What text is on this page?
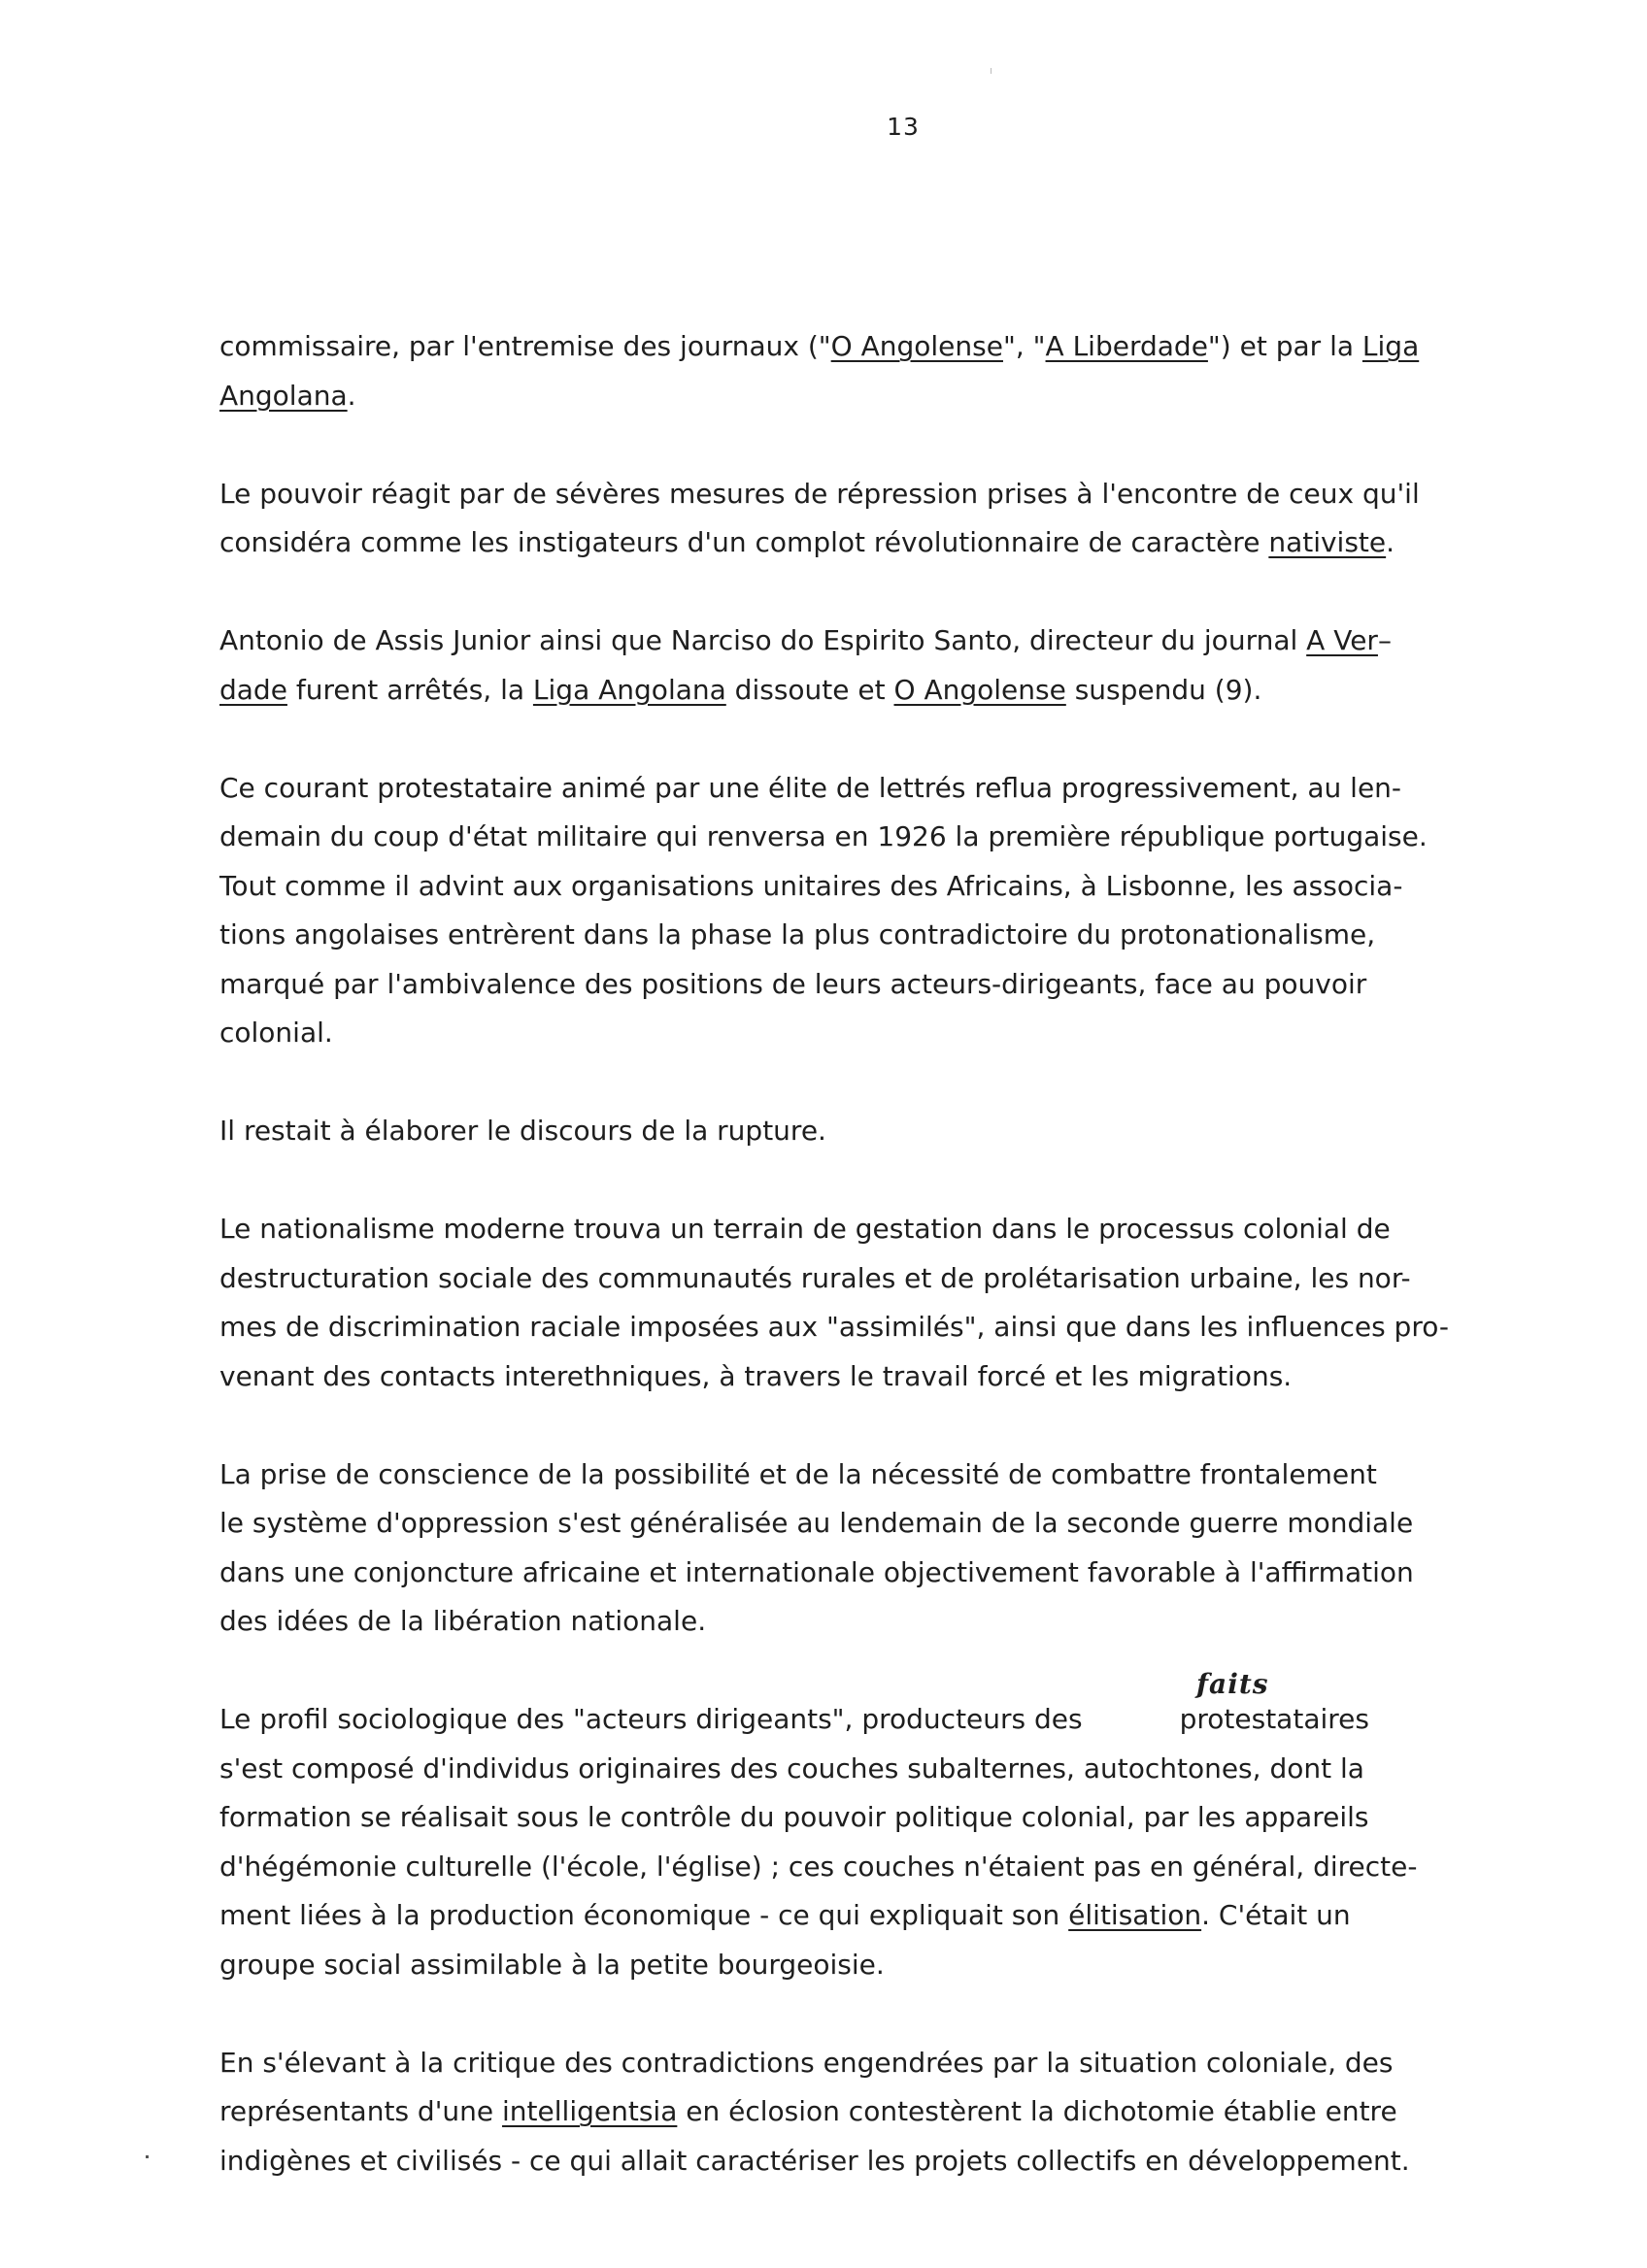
13
commissaire, par l'entremise des journaux ("O Angolense", "A Liberdade") et par la Liga
Angolana.
Le pouvoir réagit par de sévères mesures de répression prises à l'encontre de ceux qu'il
considéra comme les instigateurs d'un complot révolutionnaire de caractère nativiste.
Antonio de Assis Junior ainsi que Narciso do Espirito Santo, directeur du journal A Ver–
dade furent arrêtés, la Liga Angolana dissoute et O Angolense suspendu (9).
Ce courant protestataire animé par une élite de lettrés reflua progressivement, au len-
demain du coup d'état militaire qui renversa en 1926 la première république portugaise.
Tout comme il advint aux organisations unitaires des Africains, à Lisbonne, les associa-
tions angolaises entrèrent dans la phase la plus contradictoire du protonationalisme,
marqué par l'ambivalence des positions de leurs acteurs-dirigeants, face au pouvoir
colonial.
Il restait à élaborer le discours de la rupture.
Le nationalisme moderne trouva un terrain de gestation dans le processus colonial de
destructuration sociale des communautés rurales et de prolétarisation urbaine, les nor-
mes de discrimination raciale imposées aux "assimilés", ainsi que dans les influences pro-
venant des contacts interethniques, à travers le travail forcé et les migrations.
La prise de conscience de la possibilité et de la nécessité de combattre frontalement
le système d'oppression s'est généralisée au lendemain de la seconde guerre mondiale
dans une conjoncture africaine et internationale objectivement favorable à l'affirmation
des idées de la libération nationale.
faits
Le profil sociologique des "acteurs dirigeants", producteurs des	protestataires
s'est composé d'individus originaires des couches subalternes, autochtones, dont la
formation se réalisait sous le contrôle du pouvoir politique colonial, par les appareils
d'hégémonie culturelle (l'école, l'église) ; ces couches n'étaient pas en général, directe-
ment liées à la production économique - ce qui expliquait son élitisation. C'était un
groupe social assimilable à la petite bourgeoisie.
En s'élevant à la critique des contradictions engendrées par la situation coloniale, des
représentants d'une intelligentsia en éclosion contestèrent la dichotomie établie entre
indigènes et civilisés - ce qui allait caractériser les projets collectifs en développement.
